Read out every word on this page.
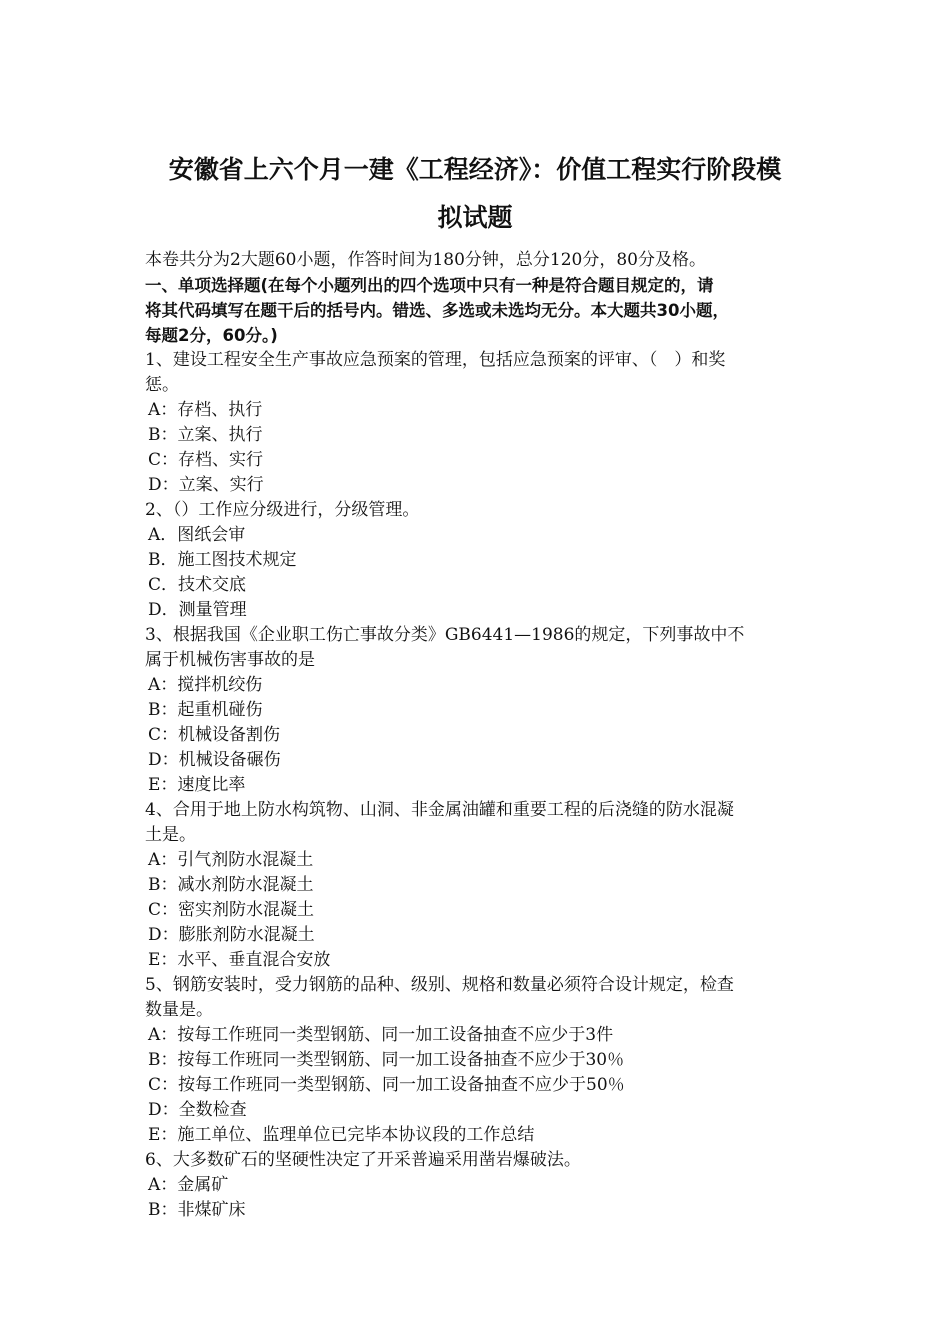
安徽省上六个月一建《工程经济》：价值工程实行阶段模
拟试题
本卷共分为2大题60小题，作答时间为180分钟，总分120分，80分及格。
一、单项选择题(在每个小题列出的四个选项中只有一种是符合题目规定的，请
将其代码填写在题干后的括号内。错选、多选或未选均无分。本大题共30小题，
每题2分，60分。)
1、建设工程安全生产事故应急预案的管理，包括应急预案的评审、（　）和奖
惩。
A：存档、执行
B：立案、执行
C：存档、实行
D：立案、实行
2、（）工作应分级进行，分级管理。
A．图纸会审
B．施工图技术规定
C．技术交底
D．测量管理
3、根据我国《企业职工伤亡事故分类》GB6441—1986的规定，下列事故中不
属于机械伤害事故的是
A：搅拌机绞伤
B：起重机碰伤
C：机械设备割伤
D：机械设备碾伤
E：速度比率
4、合用于地上防水构筑物、山洞、非金属油罐和重要工程的后浇缝的防水混凝
土是。
A：引气剂防水混凝土
B：减水剂防水混凝土
C：密实剂防水混凝土
D：膨胀剂防水混凝土
E：水平、垂直混合安放
5、钢筋安装时，受力钢筋的品种、级别、规格和数量必须符合设计规定，检查
数量是。
A：按每工作班同一类型钢筋、同一加工设备抽查不应少于3件
B：按每工作班同一类型钢筋、同一加工设备抽查不应少于30％
C：按每工作班同一类型钢筋、同一加工设备抽查不应少于50％
D：全数检查
E：施工单位、监理单位已完毕本协议段的工作总结
6、大多数矿石的坚硬性决定了开采普遍采用凿岩爆破法。
A：金属矿
B：非煤矿床
